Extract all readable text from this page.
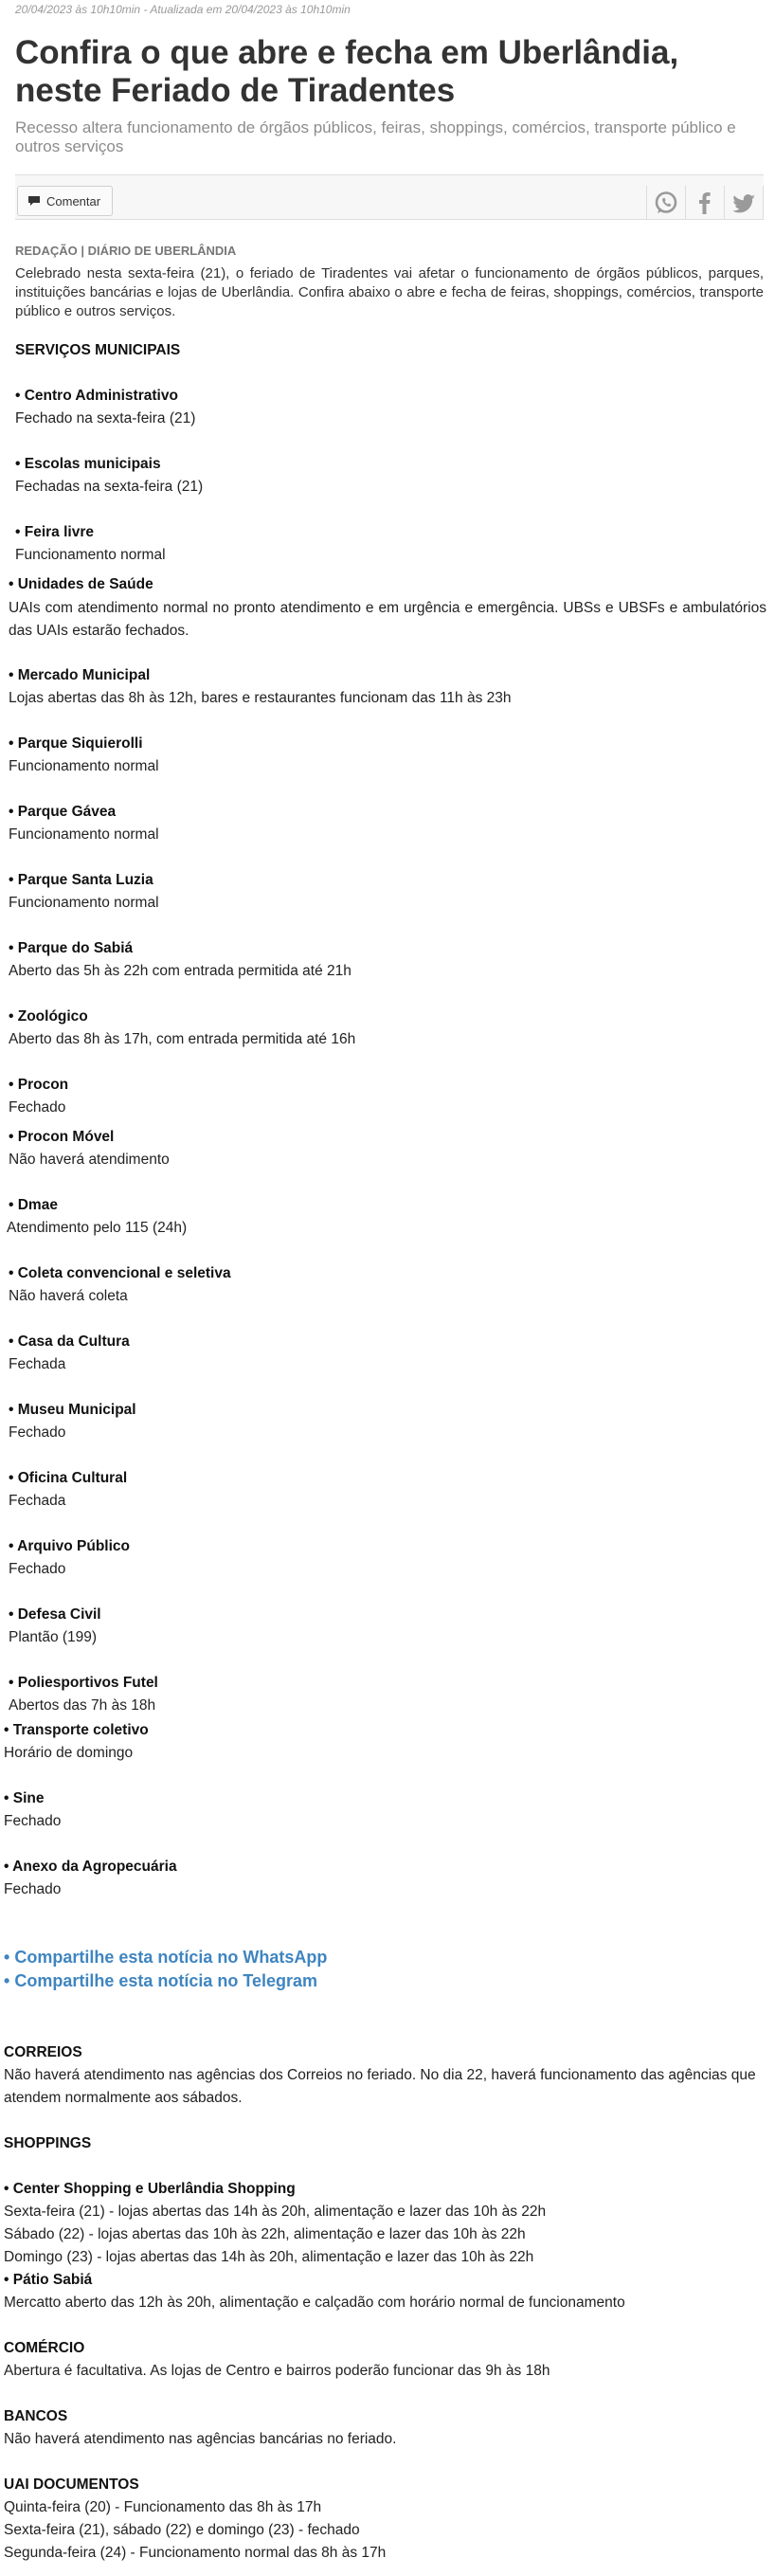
20/04/2023 às 10h10min - Atualizada em 20/04/2023 às 10h10min
Confira o que abre e fecha em Uberlândia, neste Feriado de Tiradentes

Recesso altera funcionamento de órgãos públicos, feiras, shoppings, comércios, transporte público e outros serviços

Comentar
REDAÇÃO | DIÁRIO DE UBERLÂNDIA

Celebrado nesta sexta-feira (21), o feriado de Tiradentes vai afetar o funcionamento de órgãos públicos, parques, instituições bancárias e lojas de Uberlândia. Confira abaixo o abre e fecha de feiras, shoppings, comércios, transporte público e outros serviços.

SERVIÇOS MUNICIPAIS
• Centro Administrativo
Fechado na sexta-feira (21)
• Escolas municipais
Fechadas na sexta-feira (21)
• Feira livre
Funcionamento normal
• Unidades de Saúde
UAIs com atendimento normal no pronto atendimento e em urgência e emergência. UBSs e UBSFs e ambulatórios das UAIs estarão fechados.
• Mercado Municipal
Lojas abertas das 8h às 12h, bares e restaurantes funcionam das 11h às 23h
• Parque Siquierolli
Funcionamento normal
• Parque Gávea
Funcionamento normal
• Parque Santa Luzia
Funcionamento normal
• Parque do Sabiá
Aberto das 5h às 22h com entrada permitida até 21h
• Zoológico
Aberto das 8h às 17h, com entrada permitida até 16h
• Procon
Fechado
• Procon Móvel
Não haverá atendimento
• Dmae
Atendimento pelo 115 (24h)
• Coleta convencional e seletiva
Não haverá coleta
• Casa da Cultura
Fechada
• Museu Municipal
Fechado
• Oficina Cultural
Fechada
• Arquivo Público
Fechado
• Defesa Civil
Plantão (199)
• Poliesportivos Futel
Abertos das 7h às 18h
• Transporte coletivo
Horário de domingo
• Sine
Fechado
• Anexo da Agropecuária
Fechado
• Compartilhe esta notícia no WhatsApp
• Compartilhe esta notícia no Telegram
CORREIOS
Não haverá atendimento nas agências dos Correios no feriado. No dia 22, haverá funcionamento das agências que atendem normalmente aos sábados.
SHOPPINGS
• Center Shopping e Uberlândia Shopping
Sexta-feira (21) - lojas abertas das 14h às 20h, alimentação e lazer das 10h às 22h
Sábado (22) - lojas abertas das 10h às 22h, alimentação e lazer das 10h às 22h
Domingo (23) - lojas abertas das 14h às 20h, alimentação e lazer das 10h às 22h
• Pátio Sabiá
Mercatto aberto das 12h às 20h, alimentação e calçadão com horário normal de funcionamento
COMÉRCIO
Abertura é facultativa. As lojas de Centro e bairros poderão funcionar das 9h às 18h
BANCOS
Não haverá atendimento nas agências bancárias no feriado.
UAI DOCUMENTOS
Quinta-feira (20) - Funcionamento das 8h às 17h
Sexta-feira (21), sábado (22) e domingo (23) - fechado
Segunda-feira (24) - Funcionamento normal das 8h às 17h
